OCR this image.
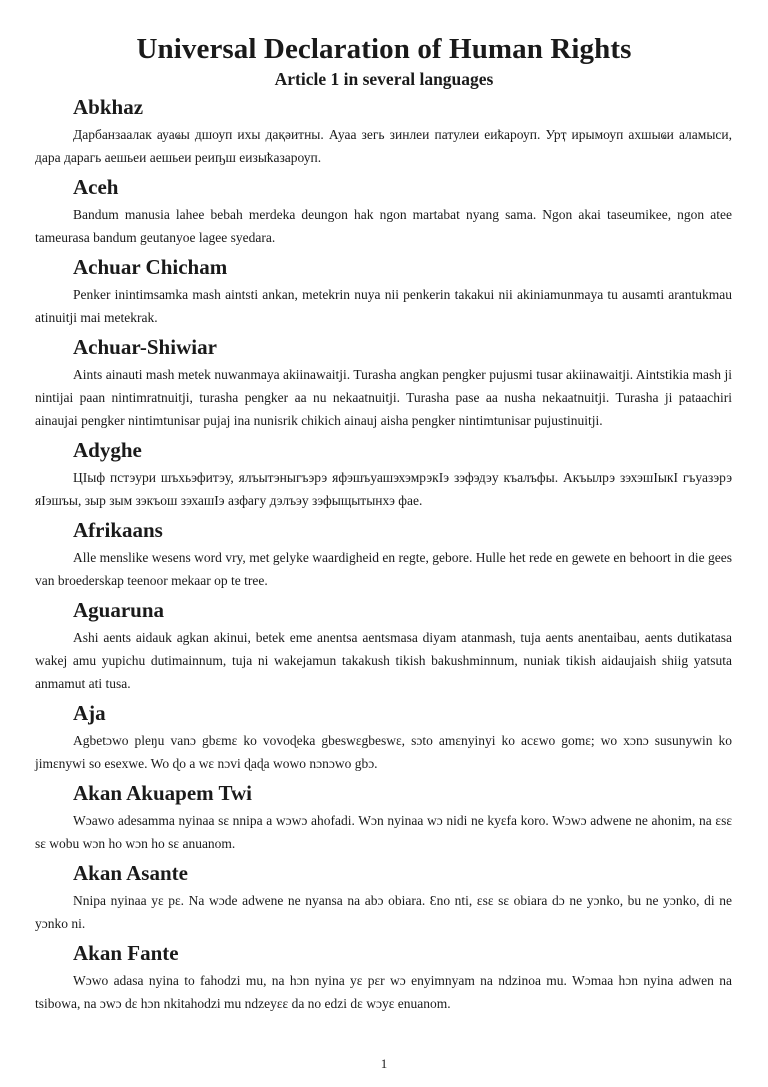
Universal Declaration of Human Rights
Article 1 in several languages
Abkhaz

Дарбанзаалак ауаҩы дшоуп ихы дақәитны. Ауаа зегь зинлеи патулеи еиҟароуп. Урҭ ирымоуп ахшыҩи аламыси, дара дарагь аешьеи аешьеи реиҧш еизыҟазароуп.

Aceh

Bandum manusia lahee bebah merdeka deungon hak ngon martabat nyang sama. Ngon akai taseumikee, ngon atee tameurasa bandum geutanyoe lagee syedara.

Achuar Chicham

Penker inintimsamka mash aintsti ankan, metekrin nuya nii penkerin takakui nii akiniamunmaya tu ausamti arantukmau atinuitji mai metekrak.

Achuar-Shiwiar

Aints ainauti mash metek nuwanmaya akiinawaitji. Turasha angkan pengker pujusmi tusar akiinawaitji. Aintstikia mash ji nintijai paan nintimratnuitji, turasha pengker aa nu nekaatnuitji. Turasha pase aa nusha nekaatnuitji. Turasha ji pataachiri ainaujai pengker nintimtunisar pujaj ina nunisrik chikich ainauj aisha pengker nintimtunisar pujustinuitji.

Adyghe

ЦӀыф пстэури шъхьэфитэу, ялъытэныгъэрэ яфэшъуашэхэмрэкӀэ зэфэдэу къалъфы. Акъылрэ зэхэшӀыкӀ гъуазэрэ яӀэшъы, зыр зым зэкъош зэхашӀэ азфагу дэлъэу зэфыщытынхэ фае.

Afrikaans

Alle menslike wesens word vry, met gelyke waardigheid en regte, gebore. Hulle het rede en gewete en behoort in die gees van broederskap teenoor mekaar op te tree.

Aguaruna

Ashi aents aidauk agkan akinui, betek eme anentsa aentsmasa diyam atanmash, tuja aents anentaibau, aents dutikatasa wakej amu yupichu dutimainnum, tuja ni wakejamun takakush tikish bakushminnum, nuniak tikish aidaujaish shiig yatsuta anmamut ati tusa.

Aja

Agbetɔwo pleŋu vanɔ gbɛmɛ ko vovoɖeka gbeswɛgbeswɛ, sɔto amɛnyinyi ko acɛwo gomɛ; wo xɔnɔ susunywin ko jimɛnywi so esexwe. Wo ɖo a wɛ nɔvi ɖaɖa wowo nɔnɔwo gbɔ.

Akan Akuapem Twi

Wɔawo adesamma nyinaa sɛ nnipa a wɔwɔ ahofadi. Wɔn nyinaa wɔ nidi ne kyɛfa koro. Wɔwɔ adwene ne ahonim, na ɛsɛ sɛ wobu wɔn ho wɔn ho sɛ anuanom.

Akan Asante

Nnipa nyinaa yɛ pɛ. Na wɔde adwene ne nyansa na abɔ obiara. Ɛno nti, ɛsɛ sɛ obiara dɔ ne yɔnko, bu ne yɔnko, di ne yɔnko ni.

Akan Fante

Wɔwo adasa nyina to fahodzi mu, na hɔn nyina yɛ pɛr wɔ enyimnyam na ndzinoa mu. Wɔmaa hɔn nyina adwen na tsibowa, na ɔwɔ dɛ hɔn nkitahodzi mu ndzeyɛɛ da no edzi dɛ wɔyɛ enuanom.

1
